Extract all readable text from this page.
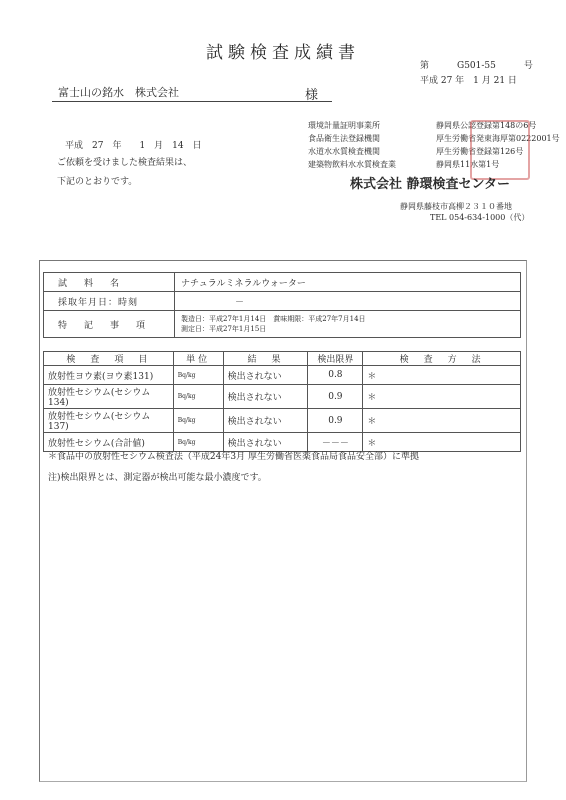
試験検査成績書
第	G501-55	号
平成 27 年　1 月 21 日
富士山の銘水　株式会社	様
平成　27　年　　1　月　14　日
ご依頼を受けました検査結果は、
下記のとおりです。
環境計量証明事業所	静岡県公認登録第148の6号
食品衛生法登録機関	厚生労働省発東海厚第0222001号
水道水水質検査機関	厚生労働省登録第126号
建築物飲料水水質検査業	静岡県11水第1号
株式会社 静環検査センター
静岡県藤枝市高柳２３１０番地
TEL 054-634-1000（代）
試　料　名	ナチュラルミネラルウォーター
採取年月日：時刻	－
特　記　事　項	製造日：平成27年1月14日　賞味期限：平成27年7月14日
測定日：平成27年1月15日
検　査　項　目	単位	結　果	検出限界	検　査　方　法
放射性ヨウ素(ヨウ素131)	Bq/kg	検出されない	0.8	＊
放射性セシウム(セシウム134)	Bq/kg	検出されない	0.9	＊
放射性セシウム(セシウム137)	Bq/kg	検出されない	0.9	＊
放射性セシウム(合計値)	Bq/kg	検出されない	－－－	＊
＊食品中の放射性セシウム検査法（平成24年3月 厚生労働省医薬食品局食品安全部）に準拠
注)検出限界とは、測定器が検出可能な最小濃度です。
